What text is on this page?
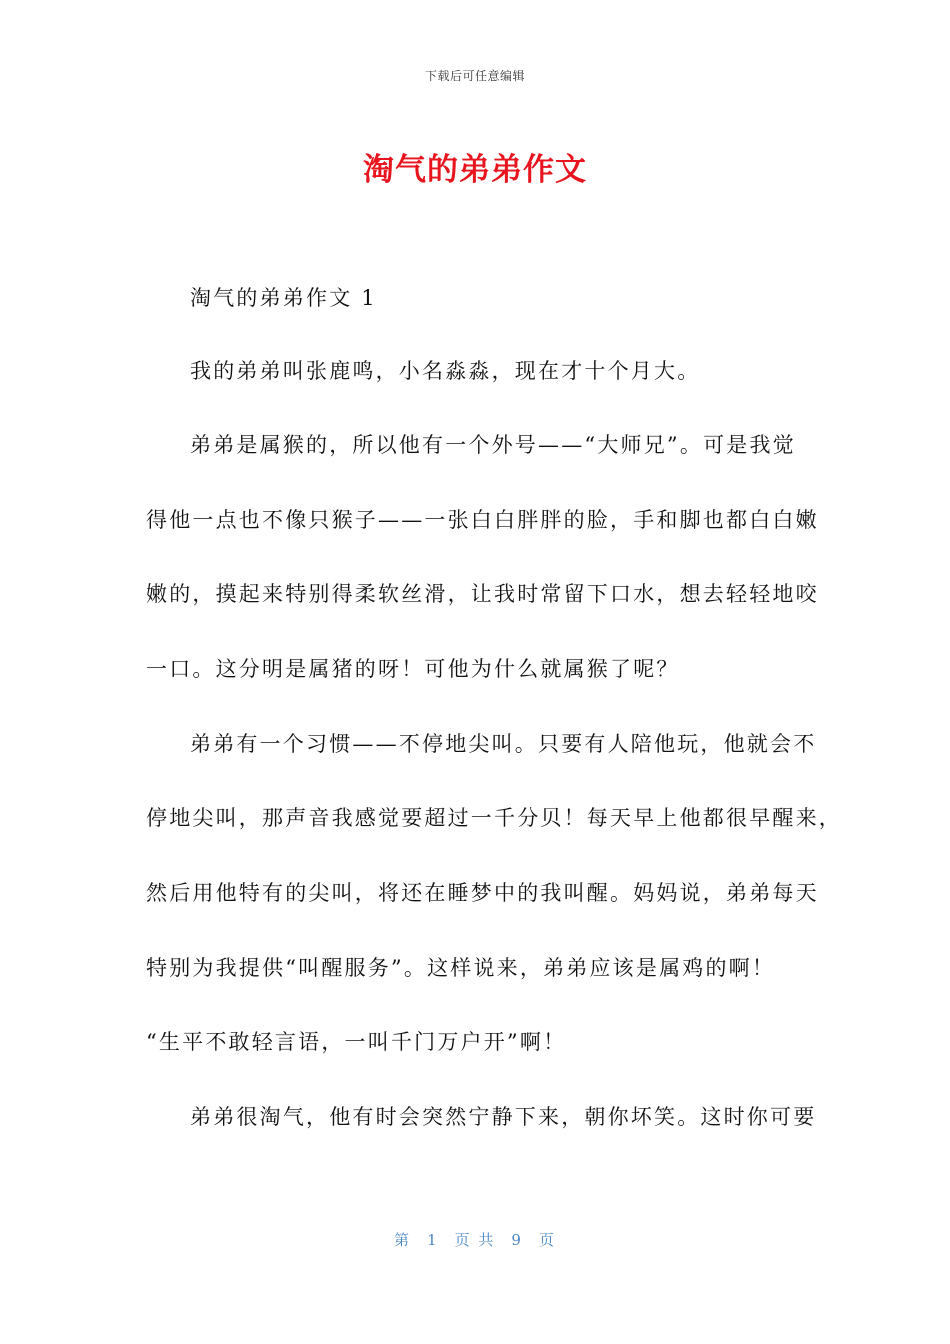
下载后可任意编辑
淘气的弟弟作文
淘气的弟弟作文 1
我的弟弟叫张鹿鸣，小名淼淼，现在才十个月大。
弟弟是属猴的，所以他有一个外号——“大师兄”。可是我觉
得他一点也不像只猴子——一张白白胖胖的脸，手和脚也都白白嫩
嫩的，摸起来特别得柔软丝滑，让我时常留下口水，想去轻轻地咬
一口。这分明是属猪的呀！可他为什么就属猴了呢？
弟弟有一个习惯——不停地尖叫。只要有人陪他玩，他就会不
停地尖叫，那声音我感觉要超过一千分贝！每天早上他都很早醒来，
然后用他特有的尖叫，将还在睡梦中的我叫醒。妈妈说，弟弟每天
特别为我提供“叫醒服务”。这样说来，弟弟应该是属鸡的啊！
“生平不敢轻言语，一叫千门万户开”啊！
弟弟很淘气，他有时会突然宁静下来，朝你坏笑。这时你可要
第 1 页 共 9 页
